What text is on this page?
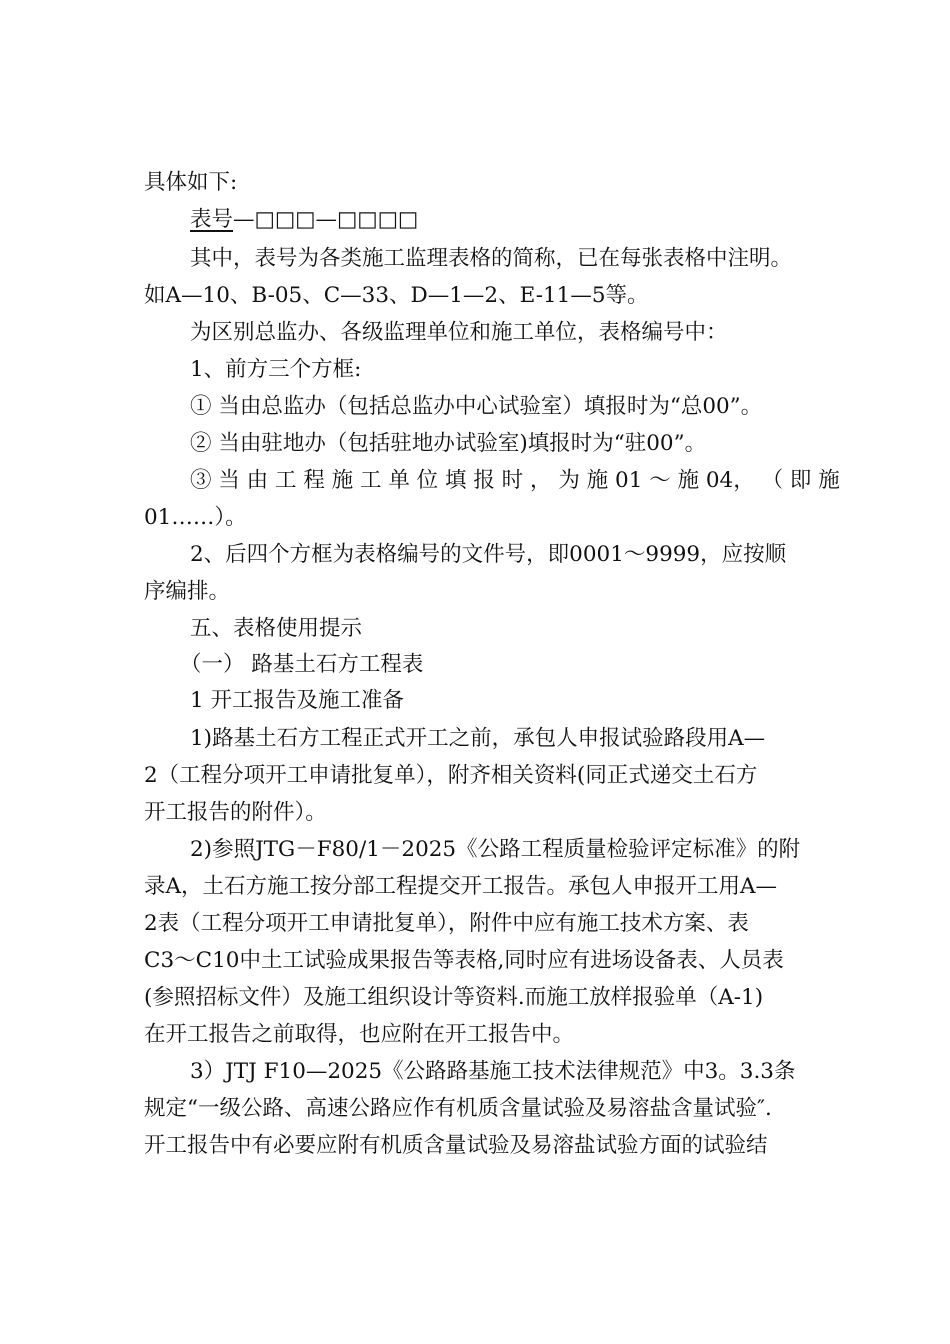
具体如下:
表号—□□□—□□□□
其中，表号为各类施工监理表格的简称，已在每张表格中注明。
如A—10、B-05、C—33、D—1—2、E-11—5等。
为区别总监办、各级监理单位和施工单位，表格编号中：
1、前方三个方框:
① 当由总监办（包括总监办中心试验室）填报时为“总00”。
② 当由驻地办（包括驻地办试验室)填报时为“驻00”。
③ 当 由 工 程 施 工 单 位 填 报 时 ， 为 施 01 ～ 施 04， （ 即 施
01……）。
2、后四个方框为表格编号的文件号，即0001～9999，应按顺
序编排。
五、表格使用提示
（一） 路基土石方工程表
1 开工报告及施工准备
1)路基土石方工程正式开工之前，承包人申报试验路段用A—
2（工程分项开工申请批复单），附齐相关资料(同正式递交土石方
开工报告的附件）。
2)参照JTG－F80/1－2025《公路工程质量检验评定标准》的附
录A，土石方施工按分部工程提交开工报告。承包人申报开工用A—
2表（工程分项开工申请批复单），附件中应有施工技术方案、表
C3～C10中土工试验成果报告等表格,同时应有进场设备表、人员表
(参照招标文件）及施工组织设计等资料.而施工放样报验单（A-1)
在开工报告之前取得，也应附在开工报告中。
3）JTJ F10—2025《公路路基施工技术法律规范》中3。3.3条
规定“一级公路、高速公路应作有机质含量试验及易溶盐含量试验″.
开工报告中有必要应附有机质含量试验及易溶盐试验方面的试验结
